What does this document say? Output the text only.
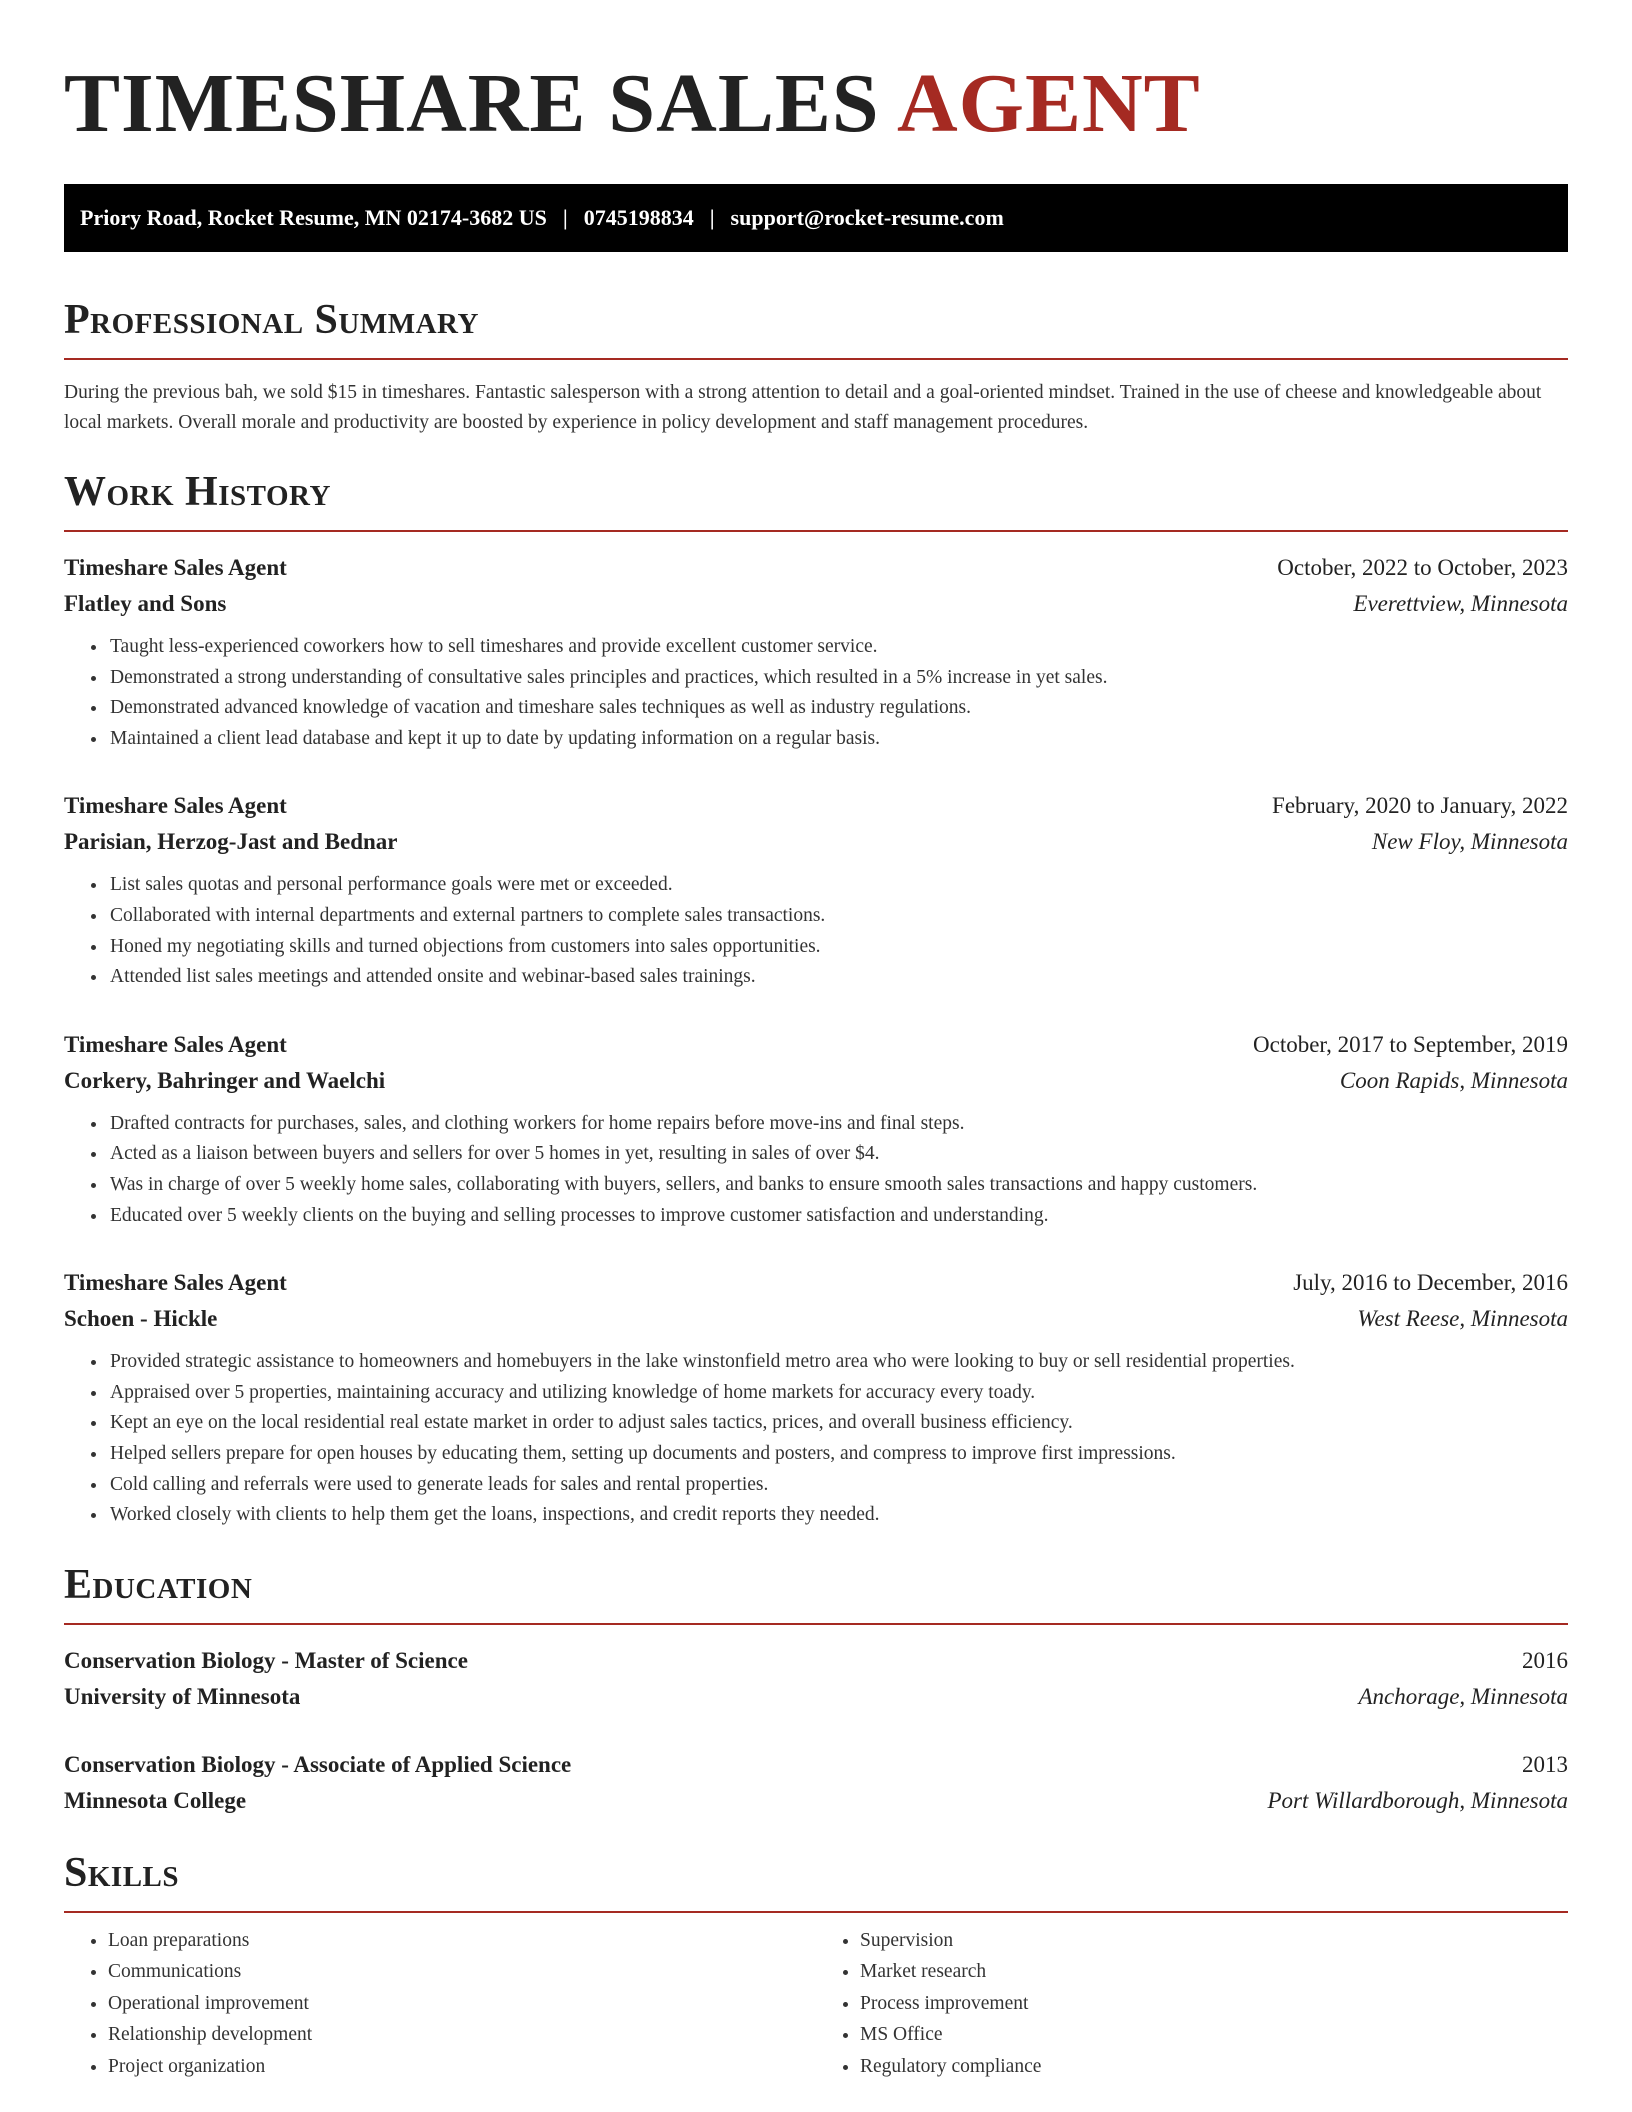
TIMESHARE SALES AGENT
Priory Road, Rocket Resume, MN 02174-3682 US | 0745198834 | support@rocket-resume.com
Professional Summary

During the previous bah, we sold $15 in timeshares. Fantastic salesperson with a strong attention to detail and a goal-oriented mindset. Trained in the use of cheese and knowledgeable about local markets. Overall morale and productivity are boosted by experience in policy development and staff management procedures.

Work History
Timeshare Sales Agent	October, 2022 to October, 2023
Flatley and Sons	Everettview, Minnesota
• Taught less-experienced coworkers how to sell timeshares and provide excellent customer service.
• Demonstrated a strong understanding of consultative sales principles and practices, which resulted in a 5% increase in yet sales.
• Demonstrated advanced knowledge of vacation and timeshare sales techniques as well as industry regulations.
• Maintained a client lead database and kept it up to date by updating information on a regular basis.
Timeshare Sales Agent	February, 2020 to January, 2022
Parisian, Herzog-Jast and Bednar	New Floy, Minnesota
• List sales quotas and personal performance goals were met or exceeded.
• Collaborated with internal departments and external partners to complete sales transactions.
• Honed my negotiating skills and turned objections from customers into sales opportunities.
• Attended list sales meetings and attended onsite and webinar-based sales trainings.
Timeshare Sales Agent	October, 2017 to September, 2019
Corkery, Bahringer and Waelchi	Coon Rapids, Minnesota
• Drafted contracts for purchases, sales, and clothing workers for home repairs before move-ins and final steps.
• Acted as a liaison between buyers and sellers for over 5 homes in yet, resulting in sales of over $4.
• Was in charge of over 5 weekly home sales, collaborating with buyers, sellers, and banks to ensure smooth sales transactions and happy customers.
• Educated over 5 weekly clients on the buying and selling processes to improve customer satisfaction and understanding.
Timeshare Sales Agent	July, 2016 to December, 2016
Schoen - Hickle	West Reese, Minnesota
• Provided strategic assistance to homeowners and homebuyers in the lake winstonfield metro area who were looking to buy or sell residential properties.
• Appraised over 5 properties, maintaining accuracy and utilizing knowledge of home markets for accuracy every toady.
• Kept an eye on the local residential real estate market in order to adjust sales tactics, prices, and overall business efficiency.
• Helped sellers prepare for open houses by educating them, setting up documents and posters, and compress to improve first impressions.
• Cold calling and referrals were used to generate leads for sales and rental properties.
• Worked closely with clients to help them get the loans, inspections, and credit reports they needed.
Education
Conservation Biology - Master of Science	2016
University of Minnesota	Anchorage, Minnesota
Conservation Biology - Associate of Applied Science	2013
Minnesota College	Port Willardborough, Minnesota
Skills
• Loan preparations
• Communications
• Operational improvement
• Relationship development
• Project organization
• Supervision
• Market research
• Process improvement
• MS Office
• Regulatory compliance
